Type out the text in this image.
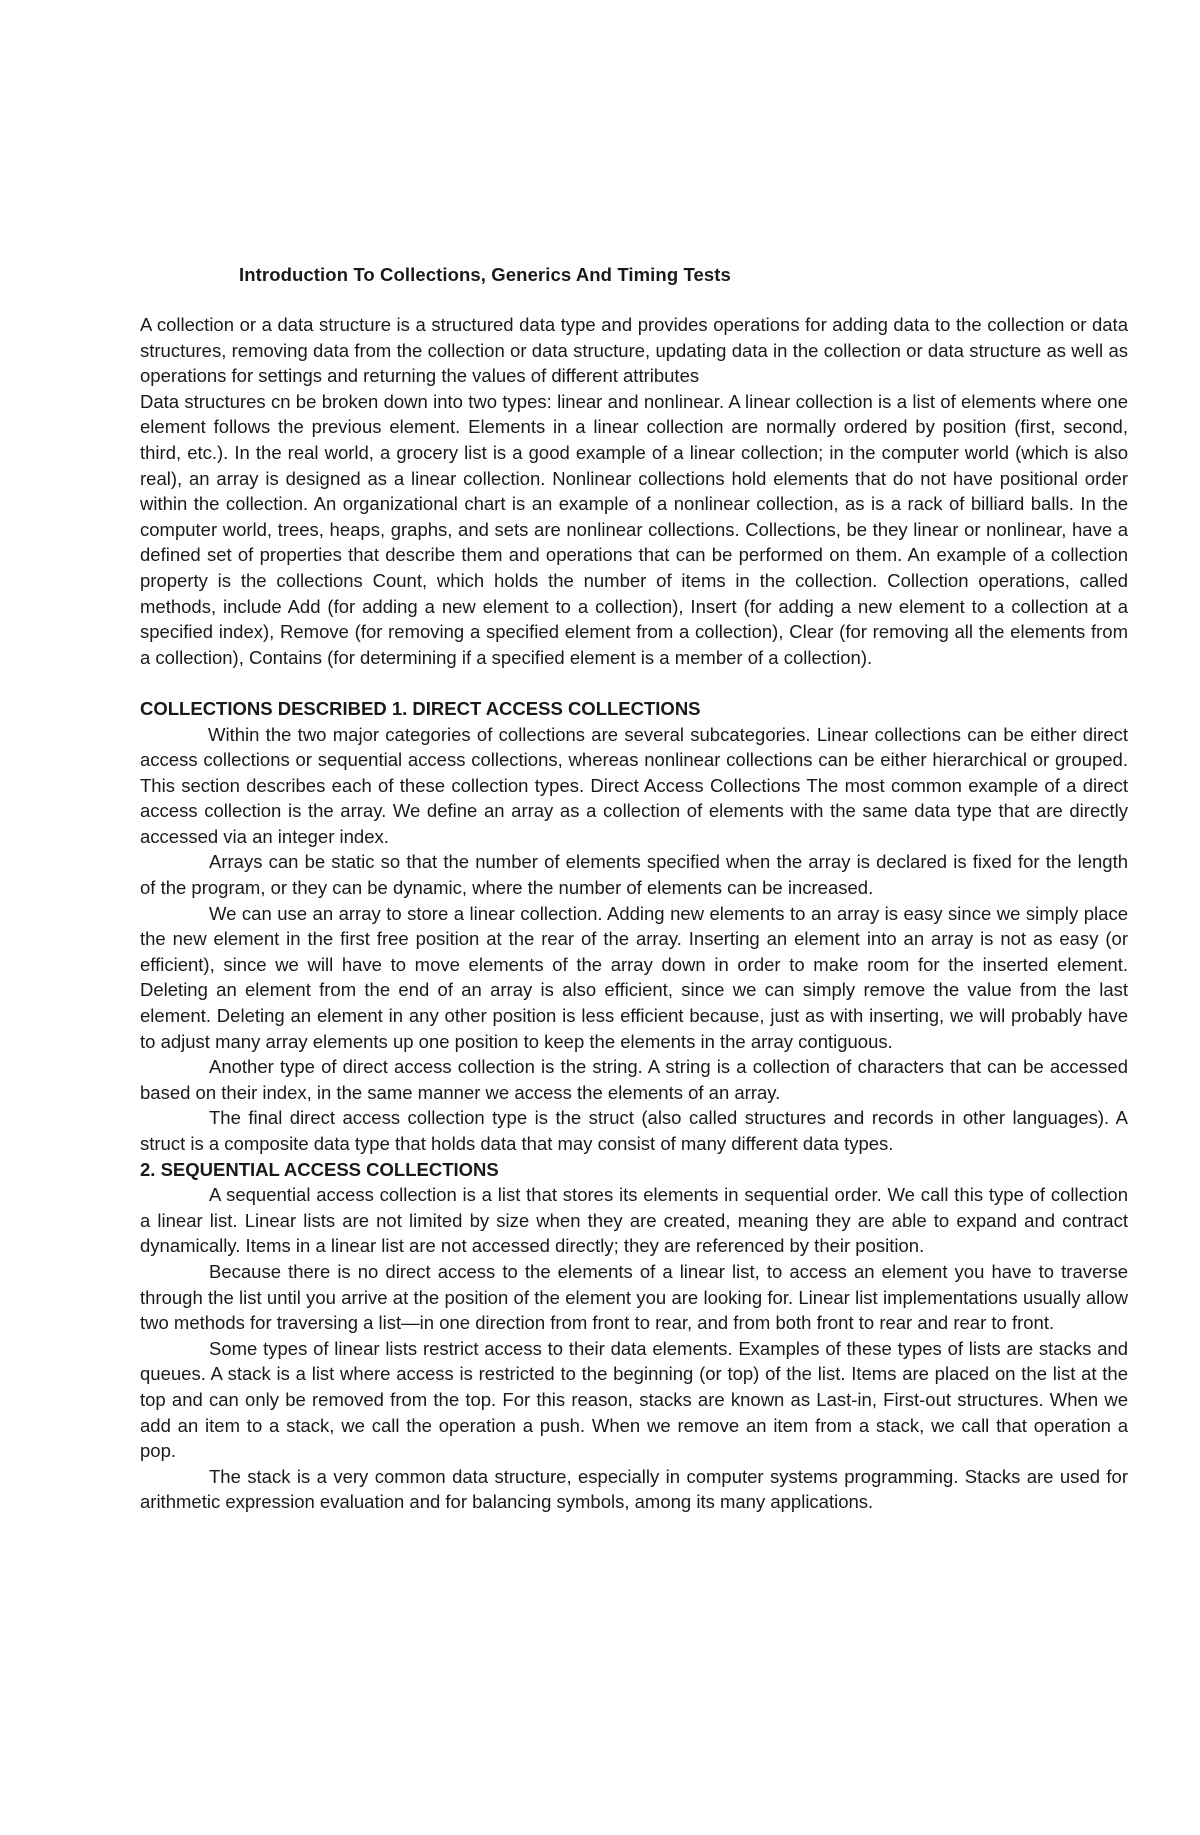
Introduction To Collections, Generics And Timing Tests

A collection or a data structure is a structured data type and provides operations for adding data to the collection or data structures, removing data from the collection or data structure, updating data in the collection or data structure as well as operations for settings and returning the values of different attributes

Data structures cn be broken down into two types: linear and nonlinear. A linear collection is a list of elements where one element follows the previous element. Elements in a linear collection are normally ordered by position (first, second, third, etc.). In the real world, a grocery list is a good example of a linear collection; in the computer world (which is also real), an array is designed as a linear collection. Nonlinear collections hold elements that do not have positional order within the collection. An organizational chart is an example of a nonlinear collection, as is a rack of billiard balls. In the computer world, trees, heaps, graphs, and sets are nonlinear collections. Collections, be they linear or nonlinear, have a defined set of properties that describe them and operations that can be performed on them. An example of a collection property is the collections Count, which holds the number of items in the collection. Collection operations, called methods, include Add (for adding a new element to a collection), Insert (for adding a new element to a collection at a specified index), Remove (for removing a specified element from a collection), Clear (for removing all the elements from a collection), Contains (for determining if a specified element is a member of a collection).

COLLECTIONS DESCRIBED 1. DIRECT ACCESS COLLECTIONS

Within the two major categories of collections are several subcategories. Linear collections can be either direct access collections or sequential access collections, whereas nonlinear collections can be either hierarchical or grouped. This section describes each of these collection types. Direct Access Collections The most common example of a direct access collection is the array. We define an array as a collection of elements with the same data type that are directly accessed via an integer index.

Arrays can be static so that the number of elements specified when the array is declared is fixed for the length of the program, or they can be dynamic, where the number of elements can be increased.

We can use an array to store a linear collection. Adding new elements to an array is easy since we simply place the new element in the first free position at the rear of the array. Inserting an element into an array is not as easy (or efficient), since we will have to move elements of the array down in order to make room for the inserted element. Deleting an element from the end of an array is also efficient, since we can simply remove the value from the last element. Deleting an element in any other position is less efficient because, just as with inserting, we will probably have to adjust many array elements up one position to keep the elements in the array contiguous.

Another type of direct access collection is the string. A string is a collection of characters that can be accessed based on their index, in the same manner we access the elements of an array.

The final direct access collection type is the struct (also called structures and records in other languages). A struct is a composite data type that holds data that may consist of many different data types.

2. SEQUENTIAL ACCESS COLLECTIONS

A sequential access collection is a list that stores its elements in sequential order. We call this type of collection a linear list. Linear lists are not limited by size when they are created, meaning they are able to expand and contract dynamically. Items in a linear list are not accessed directly; they are referenced by their position.

Because there is no direct access to the elements of a linear list, to access an element you have to traverse through the list until you arrive at the position of the element you are looking for. Linear list implementations usually allow two methods for traversing a list—in one direction from front to rear, and from both front to rear and rear to front.

Some types of linear lists restrict access to their data elements. Examples of these types of lists are stacks and queues. A stack is a list where access is restricted to the beginning (or top) of the list. Items are placed on the list at the top and can only be removed from the top. For this reason, stacks are known as Last-in, First-out structures. When we add an item to a stack, we call the operation a push. When we remove an item from a stack, we call that operation a pop.

The stack is a very common data structure, especially in computer systems programming. Stacks are used for arithmetic expression evaluation and for balancing symbols, among its many applications.
